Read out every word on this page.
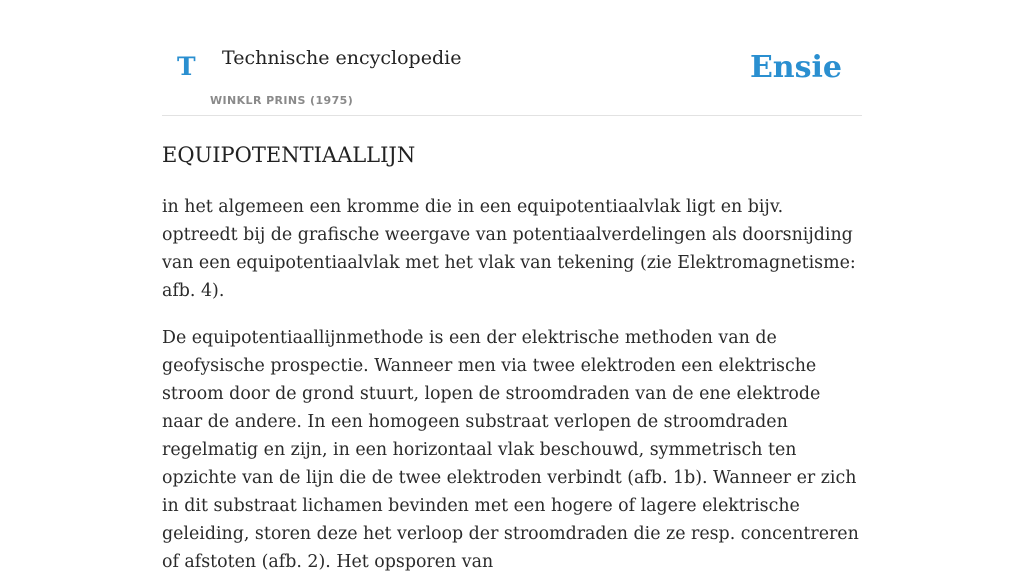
T Technische encyclopedie
WINKLR PRINS (1975)
Ensie
EQUIPOTENTIAALLIJN

in het algemeen een kromme die in een equipotentiaalvlak ligt en bijv. optreedt bij de grafische weergave van potentiaalverdelingen als doorsnijding van een equipotentiaalvlak met het vlak van tekening (zie Elektromagnetisme: afb. 4).

De equipotentiaallijnmethode is een der elektrische methoden van de geofysische prospectie. Wanneer men via twee elektroden een elektrische stroom door de grond stuurt, lopen de stroomdraden van de ene elektrode naar de andere. In een homogeen substraat verlopen de stroomdraden regelmatig en zijn, in een horizontaal vlak beschouwd, symmetrisch ten opzichte van de lijn die de twee elektroden verbindt (afb. 1b). Wanneer er zich in dit substraat lichamen bevinden met een hogere of lagere elektrische geleiding, storen deze het verloop der stroomdraden die ze resp. concentreren of afstoten (afb. 2). Het opsporen van
